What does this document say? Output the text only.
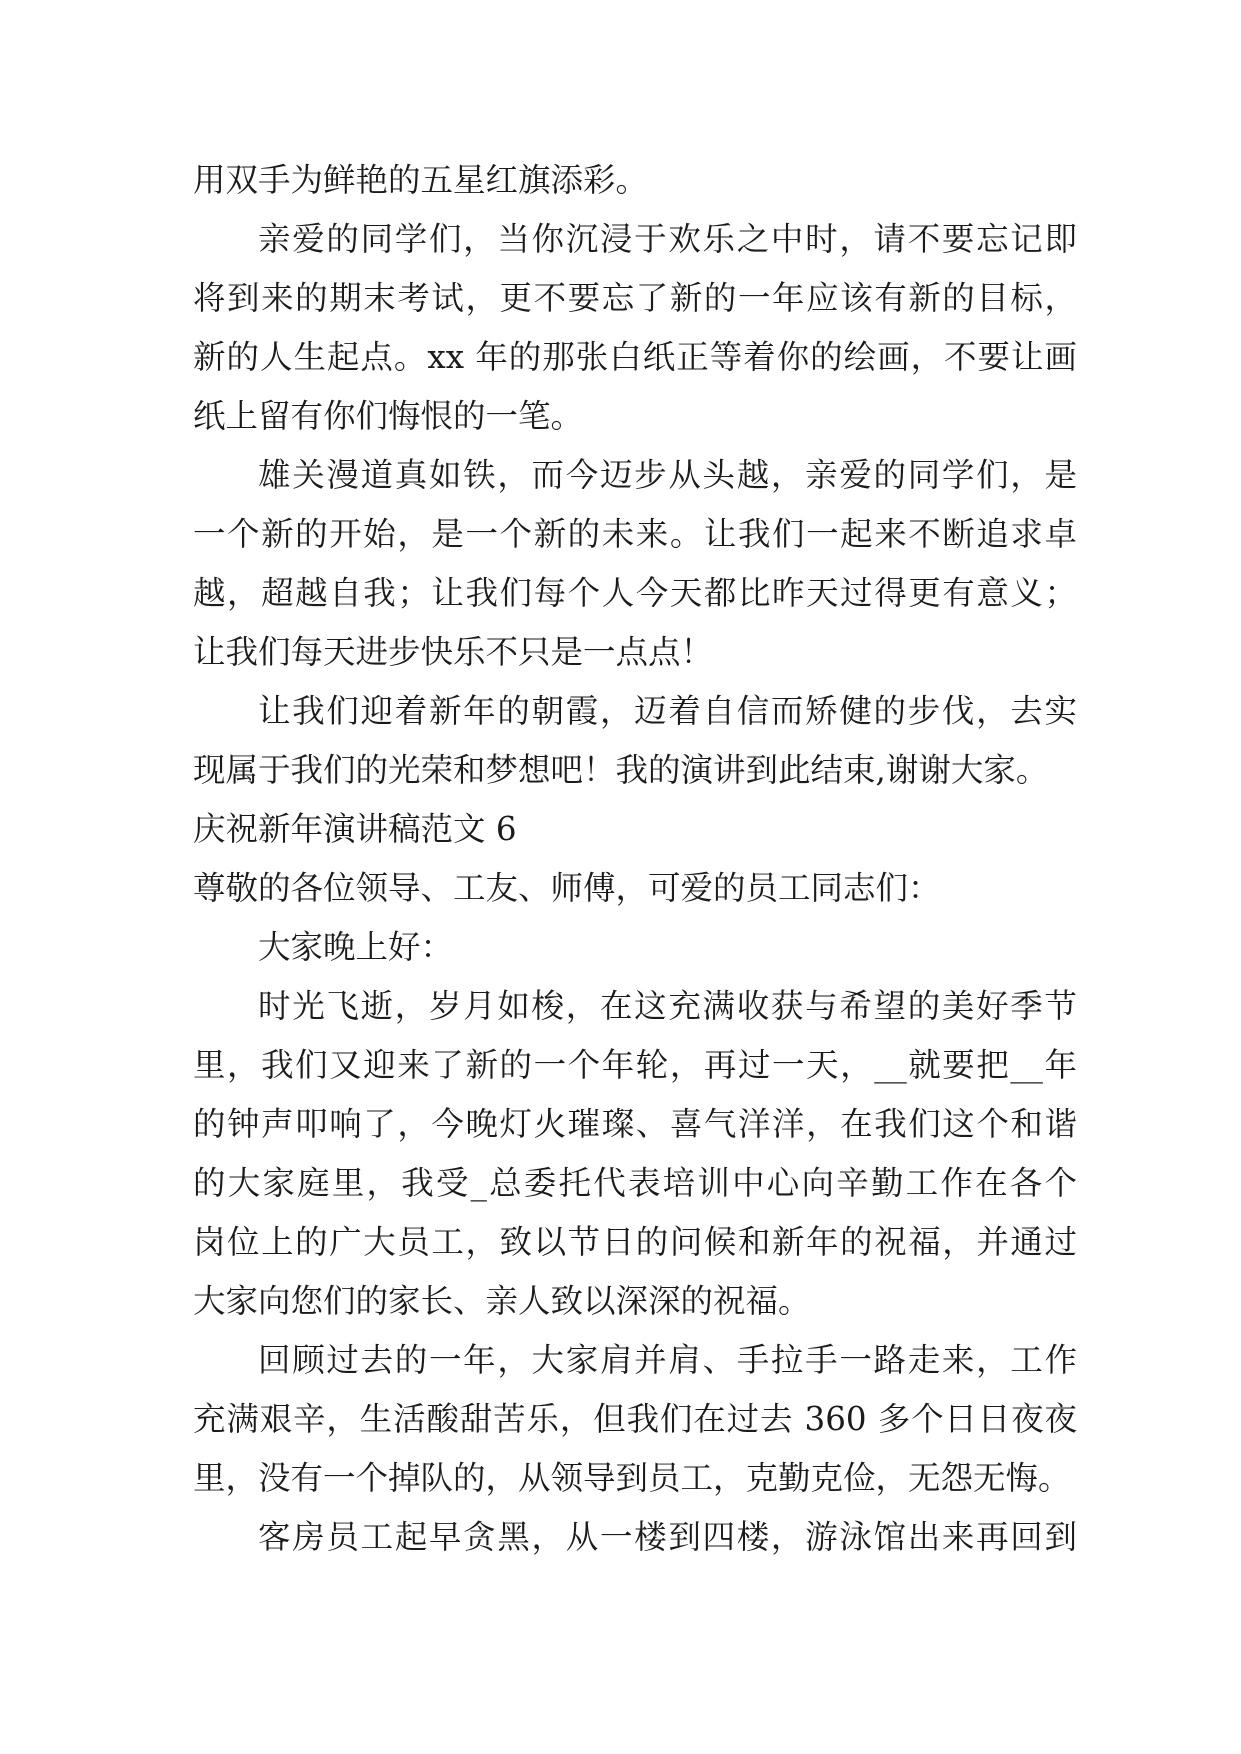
用双手为鲜艳的五星红旗添彩。
亲爱的同学们，当你沉浸于欢乐之中时，请不要忘记即
将到来的期末考试，更不要忘了新的一年应该有新的目标，
新的人生起点。xx 年的那张白纸正等着你的绘画，不要让画
纸上留有你们悔恨的一笔。
雄关漫道真如铁，而今迈步从头越，亲爱的同学们，是
一个新的开始，是一个新的未来。让我们一起来不断追求卓
越，超越自我；让我们每个人今天都比昨天过得更有意义；
让我们每天进步快乐不只是一点点！
让我们迎着新年的朝霞，迈着自信而矫健的步伐，去实
现属于我们的光荣和梦想吧！我的演讲到此结束,谢谢大家。
庆祝新年演讲稿范文 6
尊敬的各位领导、工友、师傅，可爱的员工同志们：
大家晚上好：
时光飞逝，岁月如梭，在这充满收获与希望的美好季节
里，我们又迎来了新的一个年轮，再过一天，__就要把__年
的钟声叩响了，今晚灯火璀璨、喜气洋洋，在我们这个和谐
的大家庭里，我受_总委托代表培训中心向辛勤工作在各个
岗位上的广大员工，致以节日的问候和新年的祝福，并通过
大家向您们的家长、亲人致以深深的祝福。
回顾过去的一年，大家肩并肩、手拉手一路走来，工作
充满艰辛，生活酸甜苦乐，但我们在过去 360 多个日日夜夜
里，没有一个掉队的，从领导到员工，克勤克俭，无怨无悔。
客房员工起早贪黑，从一楼到四楼，游泳馆出来再回到
